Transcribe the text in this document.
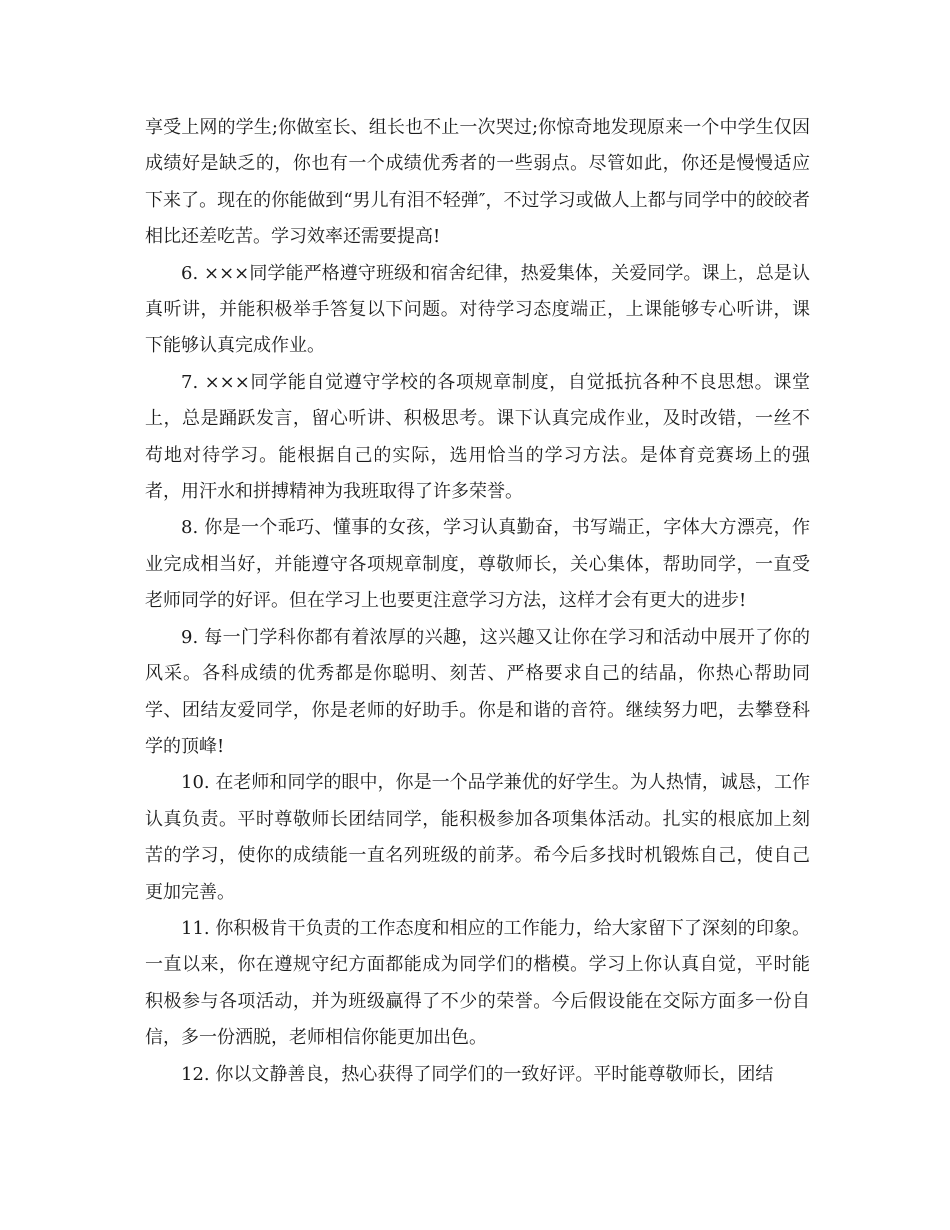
享受上网的学生;你做室长、组长也不止一次哭过;你惊奇地发现原来一个中学生仅因成绩好是缺乏的，你也有一个成绩优秀者的一些弱点。尽管如此，你还是慢慢适应下来了。现在的你能做到“男儿有泪不轻弹″，不过学习或做人上都与同学中的皎皎者相比还差吃苦。学习效率还需要提高!

6. ×××同学能严格遵守班级和宿舍纪律，热爱集体，关爱同学。课上，总是认真听讲，并能积极举手答复以下问题。对待学习态度端正，上课能够专心听讲，课下能够认真完成作业。

7. ×××同学能自觉遵守学校的各项规章制度，自觉抵抗各种不良思想。课堂上，总是踊跃发言，留心听讲、积极思考。课下认真完成作业，及时改错，一丝不苟地对待学习。能根据自己的实际，选用恰当的学习方法。是体育竞赛场上的强者，用汗水和拼搏精神为我班取得了许多荣誉。

8. 你是一个乖巧、懂事的女孩，学习认真勤奋，书写端正，字体大方漂亮，作业完成相当好，并能遵守各项规章制度，尊敬师长，关心集体，帮助同学，一直受老师同学的好评。但在学习上也要更注意学习方法，这样才会有更大的进步!

9. 每一门学科你都有着浓厚的兴趣，这兴趣又让你在学习和活动中展开了你的风采。各科成绩的优秀都是你聪明、刻苦、严格要求自己的结晶，你热心帮助同学、团结友爱同学，你是老师的好助手。你是和谐的音符。继续努力吧，去攀登科学的顶峰!

10. 在老师和同学的眼中，你是一个品学兼优的好学生。为人热情，诚恳，工作认真负责。平时尊敬师长团结同学，能积极参加各项集体活动。扎实的根底加上刻苦的学习，使你的成绩能一直名列班级的前茅。希今后多找时机锻炼自己，使自己更加完善。

11. 你积极肯干负责的工作态度和相应的工作能力，给大家留下了深刻的印象。一直以来，你在遵规守纪方面都能成为同学们的楷模。学习上你认真自觉，平时能积极参与各项活动，并为班级赢得了不少的荣誉。今后假设能在交际方面多一份自信，多一份洒脱，老师相信你能更加出色。

12. 你以文静善良，热心获得了同学们的一致好评。平时能尊敬师长，团结
